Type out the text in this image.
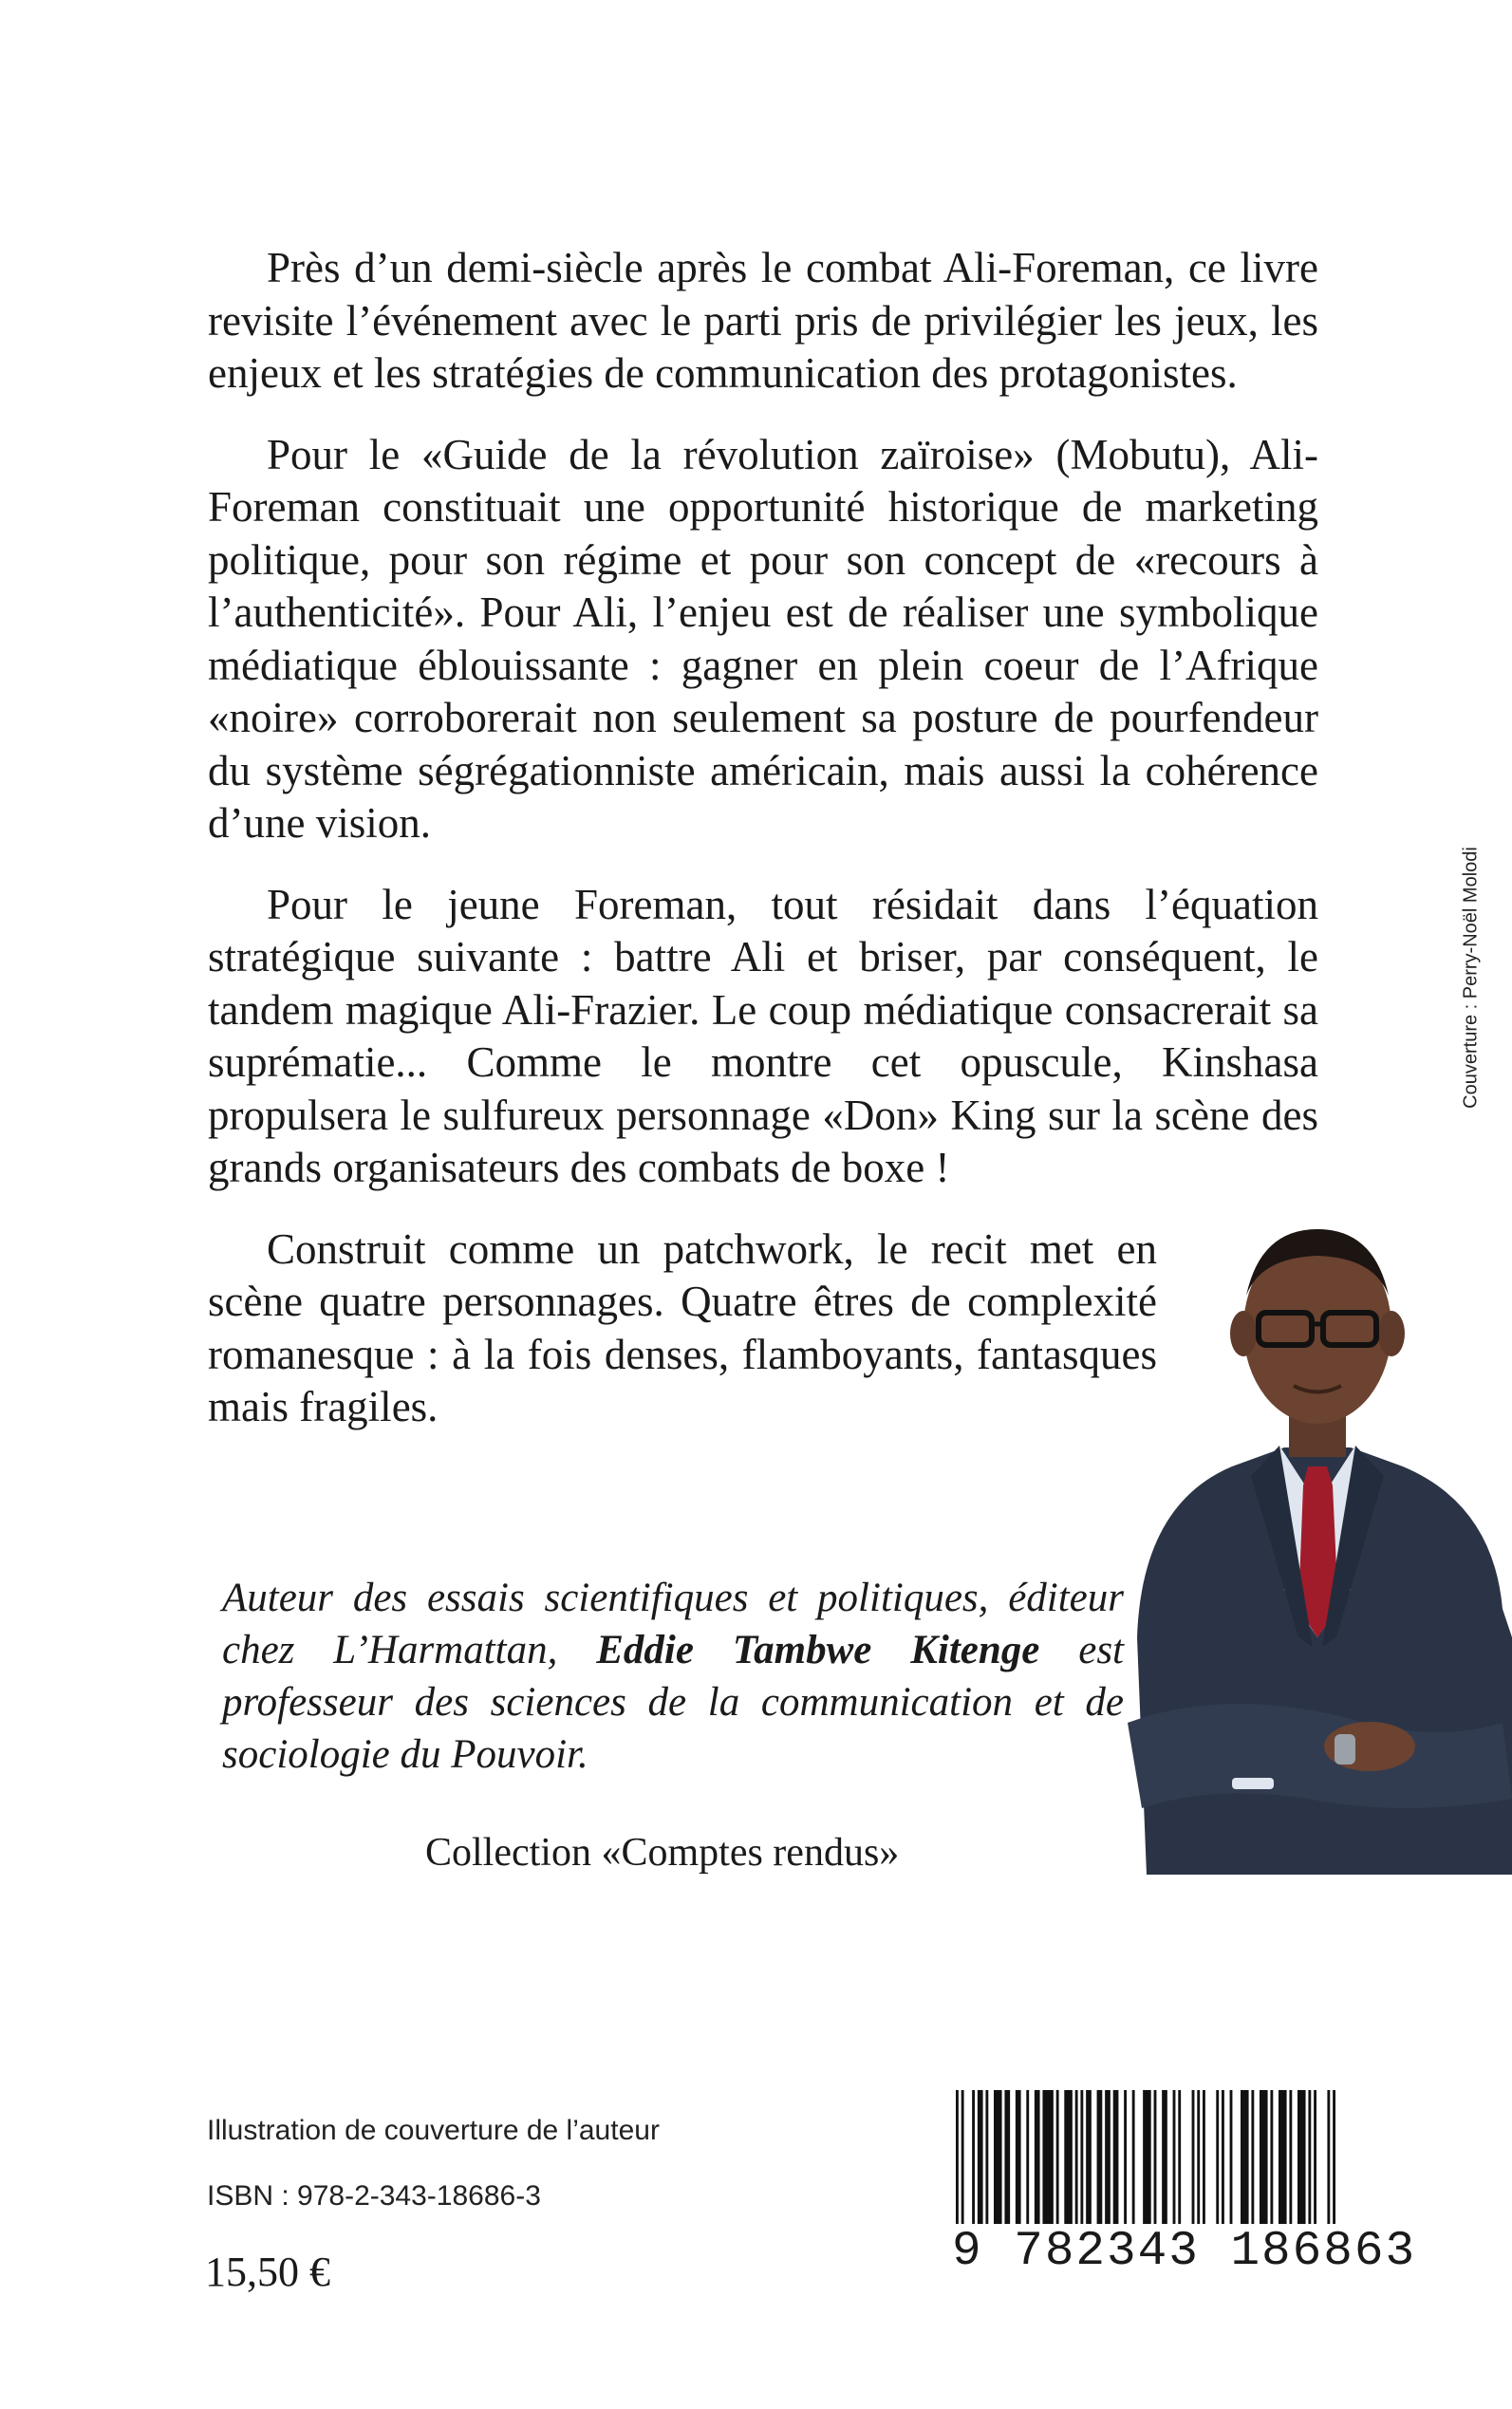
Près d’un demi-siècle après le combat Ali-Foreman, ce livre revisite l’événement avec le parti pris de privilégier les jeux, les enjeux et les stratégies de communication des protagonistes.

Pour le «Guide de la révolution zaïroise» (Mobutu), Ali-Foreman constituait une opportunité historique de marketing politique, pour son régime et pour son concept de «recours à l’authenticité». Pour Ali, l’enjeu est de réaliser une symbolique médiatique éblouissante : gagner en plein coeur de l’Afrique «noire» corroborerait non seulement sa posture de pourfendeur du système ségrégationniste américain, mais aussi la cohérence d’une vision.

Pour le jeune Foreman, tout résidait dans l’équation stratégique suivante : battre Ali et briser, par conséquent, le tandem magique Ali-Frazier. Le coup médiatique consacrerait sa suprématie... Comme le montre cet opuscule, Kinshasa propulsera le sulfureux personnage «Don» King sur la scène des grands organisateurs des combats de boxe !

Construit comme un patchwork, le recit met en scène quatre personnages. Quatre êtres de complexité romanesque : à la fois denses, flamboyants, fantasques mais fragiles.

Couverture : Perry-Noël Molodi

Auteur des essais scientifiques et politiques, éditeur chez L’Harmattan, Eddie Tambwe Kitenge est professeur des sciences de la communication et de sociologie du Pouvoir.

Collection «Comptes rendus»
Illustration de couverture de l’auteur
ISBN : 978-2-343-18686-3
15,50 €	9 782343 186863
